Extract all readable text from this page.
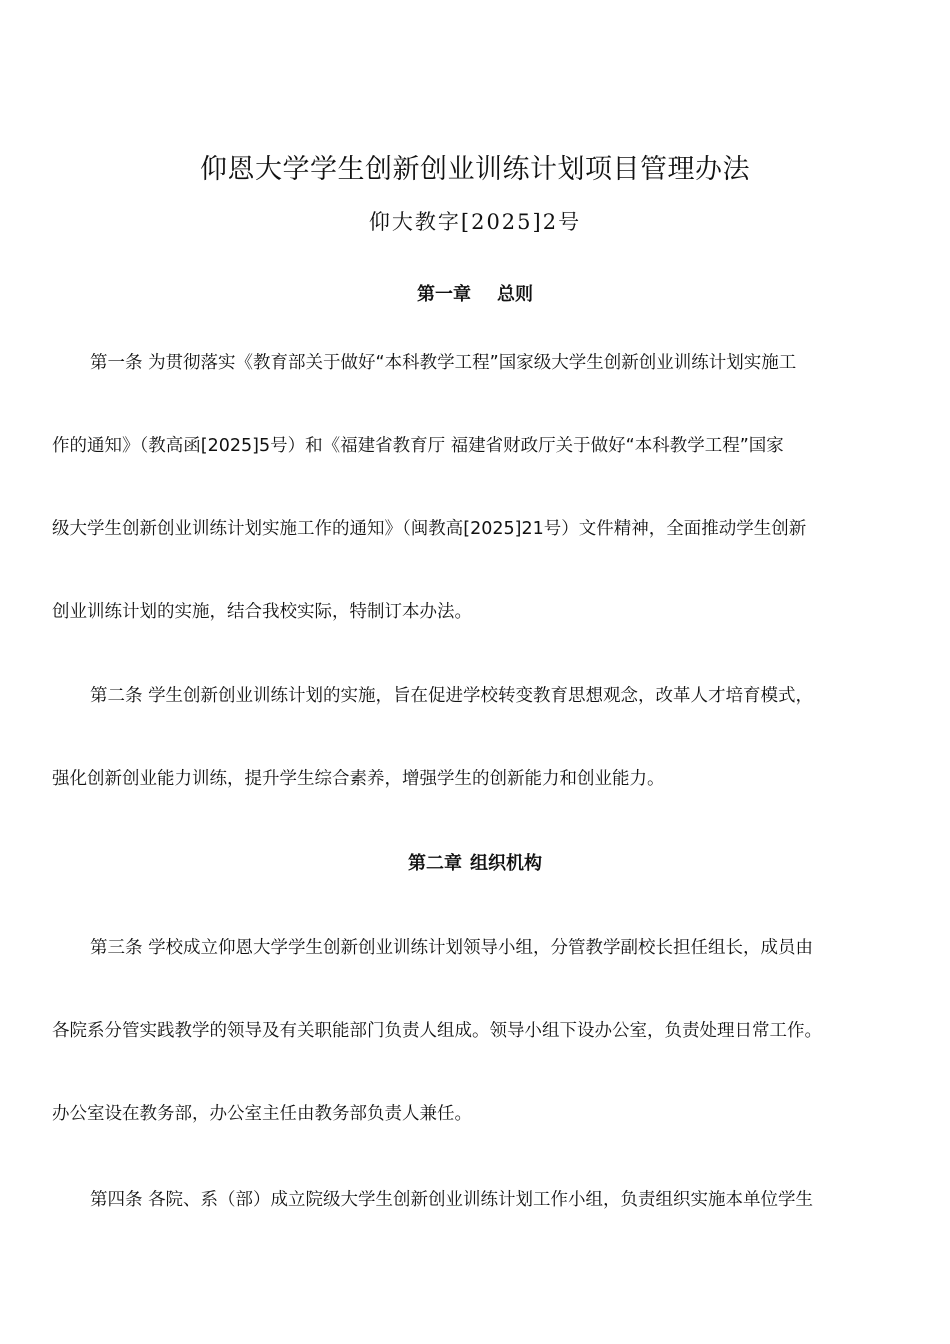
仰恩大学学生创新创业训练计划项目管理办法

仰大教字[2025]2号

第一章 总则
第一条 为贯彻落实《教育部关于做好“本科教学工程”国家级大学生创新创业训练计划实施工
作的通知》（教高函[2025]5号）和《福建省教育厅 福建省财政厅关于做好“本科教学工程”国家
级大学生创新创业训练计划实施工作的通知》（闽教高[2025]21号）文件精神，全面推动学生创新
创业训练计划的实施，结合我校实际，特制订本办法。
第二条 学生创新创业训练计划的实施，旨在促进学校转变教育思想观念，改革人才培育模式，
强化创新创业能力训练，提升学生综合素养，增强学生的创新能力和创业能力。
第二章 组织机构
第三条 学校成立仰恩大学学生创新创业训练计划领导小组，分管教学副校长担任组长，成员由
各院系分管实践教学的领导及有关职能部门负责人组成。领导小组下设办公室，负责处理日常工作。
办公室设在教务部，办公室主任由教务部负责人兼任。
第四条 各院、系（部）成立院级大学生创新创业训练计划工作小组，负责组织实施本单位学生
